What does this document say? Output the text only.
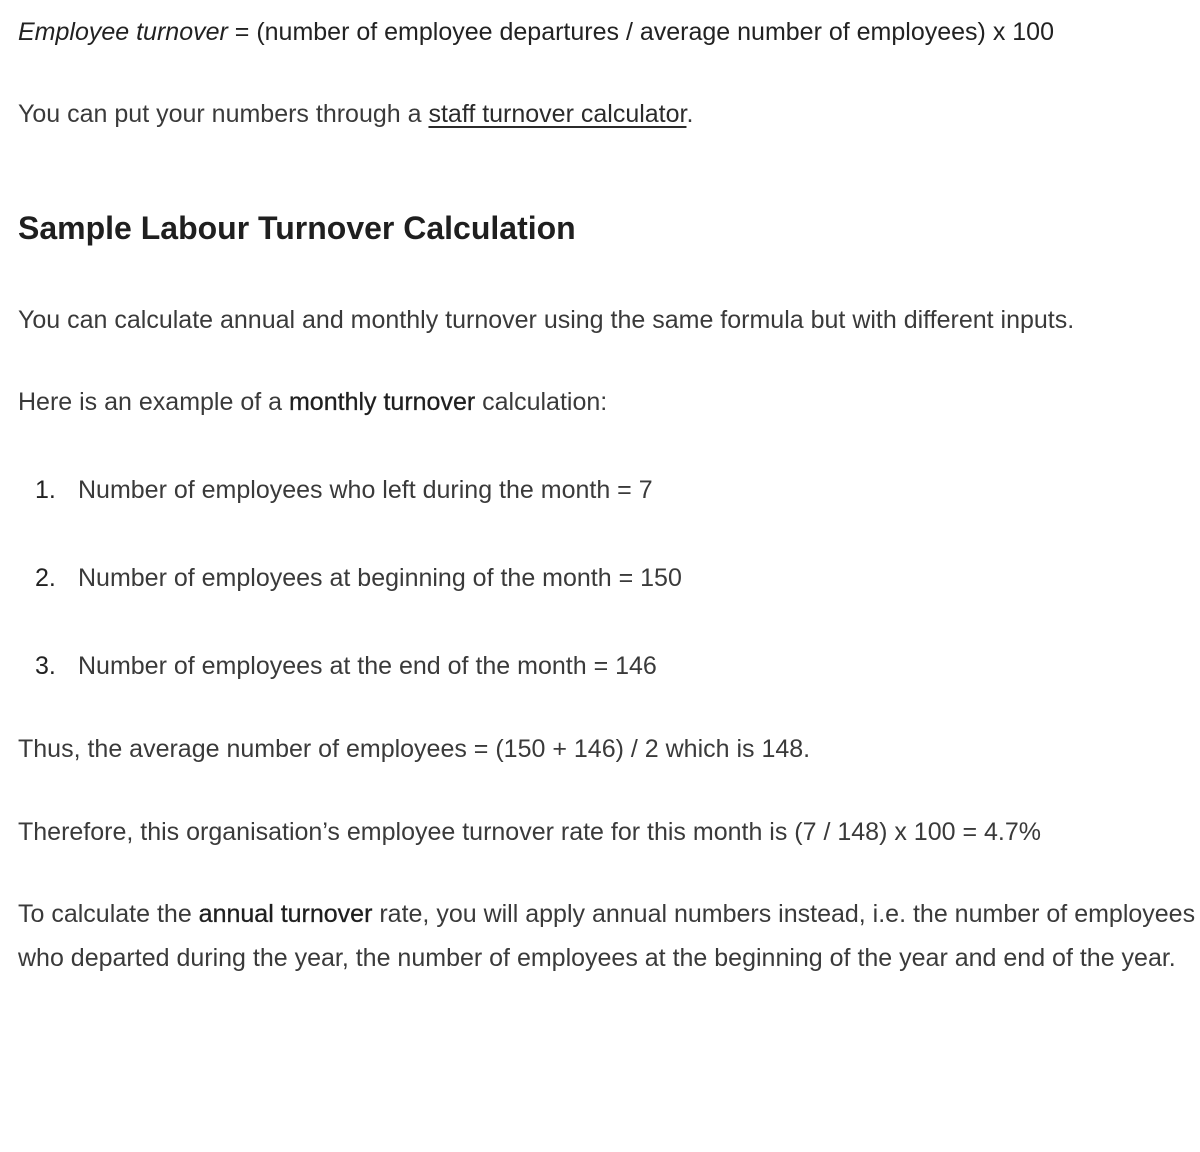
Employee turnover = (number of employee departures / average number of employees) x 100

You can put your numbers through a staff turnover calculator.

Sample Labour Turnover Calculation

You can calculate annual and monthly turnover using the same formula but with different inputs.

Here is an example of a monthly turnover calculation:

1. Number of employees who left during the month = 7
2. Number of employees at beginning of the month = 150
3. Number of employees at the end of the month = 146

Thus, the average number of employees = (150 + 146) / 2 which is 148.

Therefore, this organisation’s employee turnover rate for this month is (7 / 148) x 100 = 4.7%

To calculate the annual turnover rate, you will apply annual numbers instead, i.e. the number of employees who departed during the year, the number of employees at the beginning of the year and end of the year.
